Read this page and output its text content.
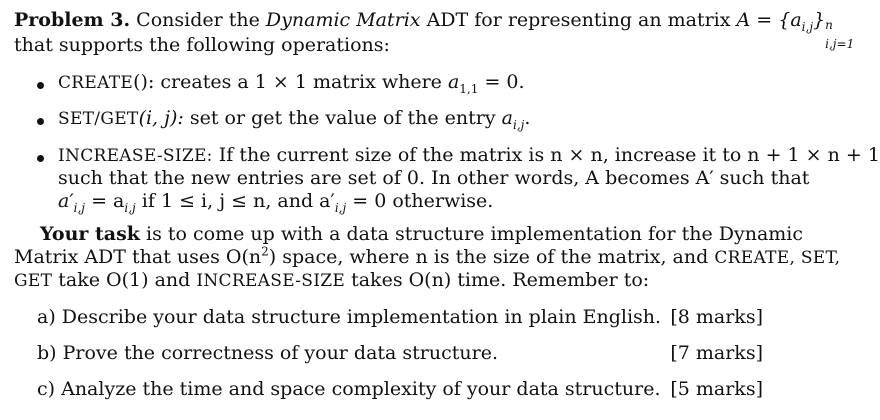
Problem 3. Consider the Dynamic Matrix ADT for representing an matrix $A = \{a_{i,j}\}$ n
i,j=1
that supports the following operations:
CREATE(): creates a 1 × 1 matrix where $a_{1,1} = 0$.
SET/GET(i, j): set or get the value of the entry $a_{i,j}$.
INCREASE-SIZE: If the current size of the matrix is n × n, increase it to n + 1 × n + 1
such that the new entries are set of 0. In other words, A becomes A′ such that
$a'_{i,j} = a_{i,j}$ if 1 ≤ i, j ≤ n, and $a'_{i,j} = 0$ otherwise.
Your task is to come up with a data structure implementation for the Dynamic
Matrix ADT that uses $O(n^2)$ space, where n is the size of the matrix, and CREATE, SET,
GET take O(1) and INCREASE-SIZE takes O(n) time. Remember to:
a) Describe your data structure implementation in plain English. [8 marks]
b) Prove the correctness of your data structure.	[7 marks]
c) Analyze the time and space complexity of your data structure. [5 marks]
